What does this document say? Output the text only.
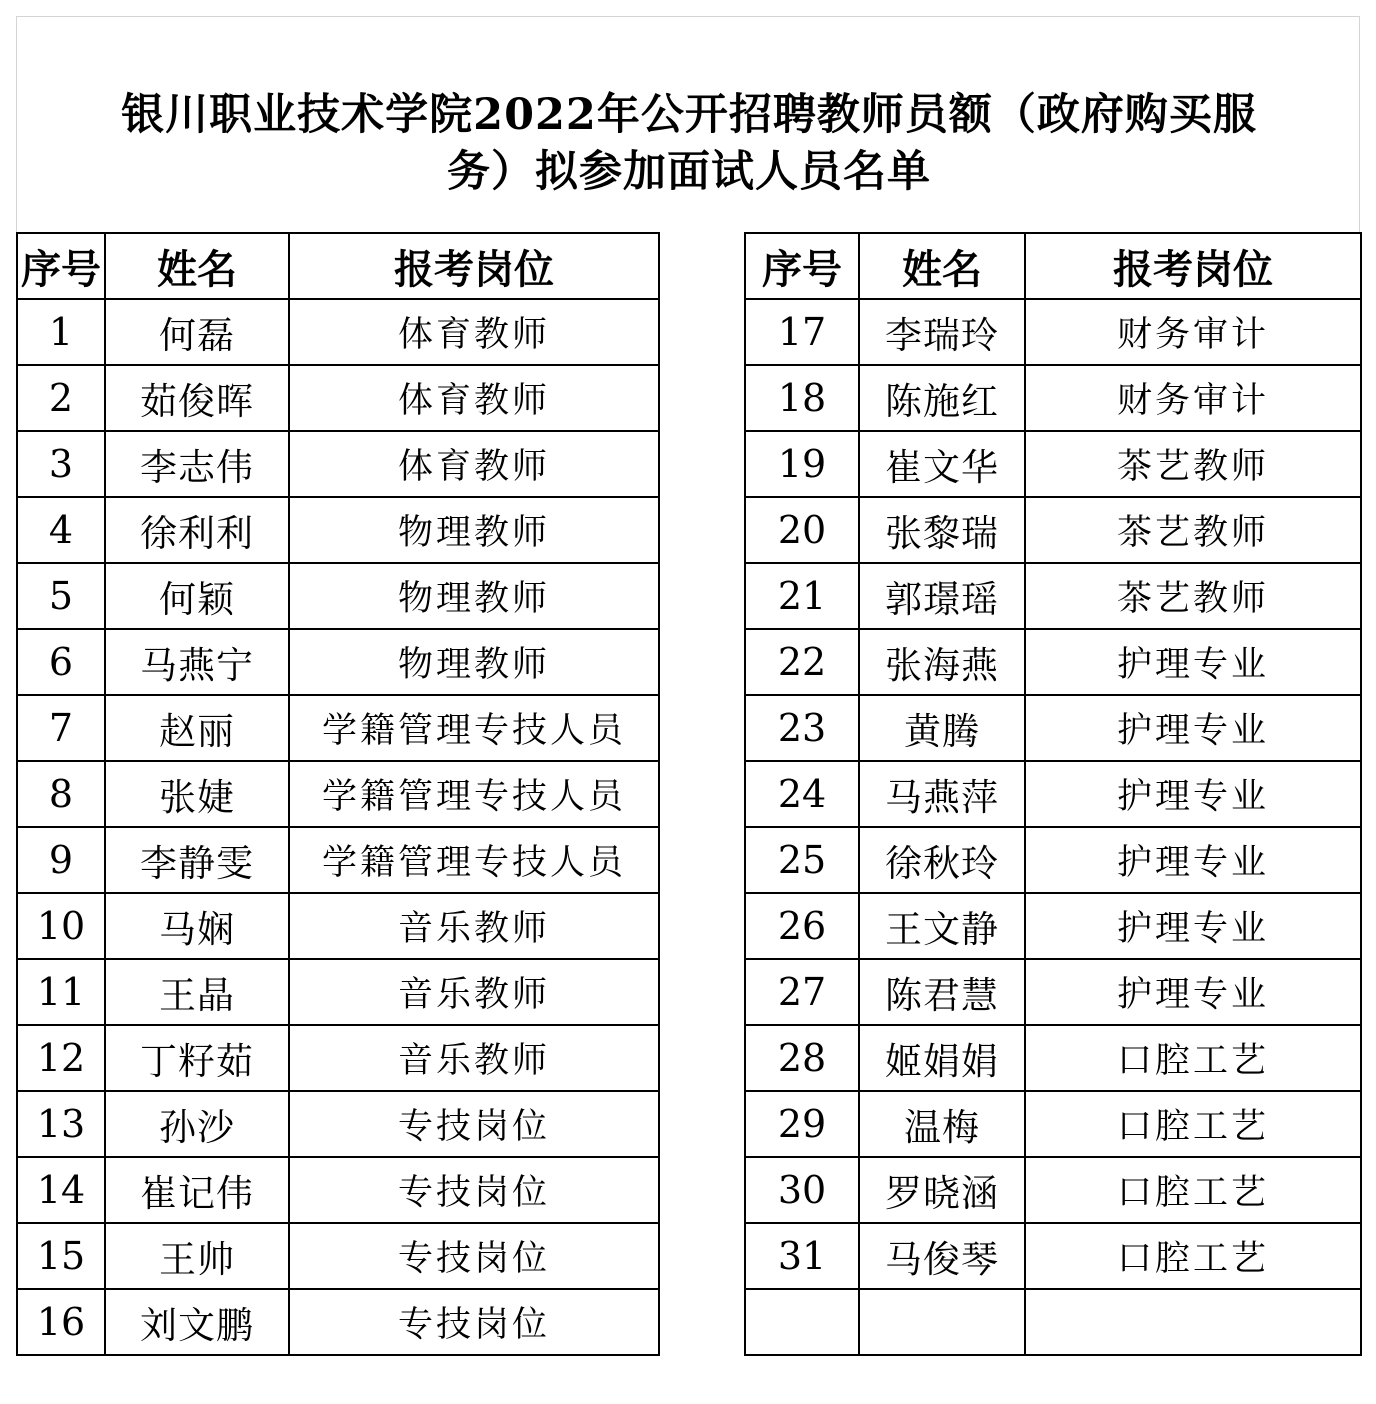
银川职业技术学院2022年公开招聘教师员额（政府购买服
务）拟参加面试人员名单
序号	姓名	报考岗位
1	何磊	体育教师
2	茹俊晖	体育教师
3	李志伟	体育教师
4	徐利利	物理教师
5	何颖	物理教师
6	马燕宁	物理教师
7	赵丽	学籍管理专技人员
8	张婕	学籍管理专技人员
9	李静雯	学籍管理专技人员
10	马娴	音乐教师
11	王晶	音乐教师
12	丁籽茹	音乐教师
13	孙沙	专技岗位
14	崔记伟	专技岗位
15	王帅	专技岗位
16	刘文鹏	专技岗位
序号	姓名	报考岗位
17	李瑞玲	财务审计
18	陈施红	财务审计
19	崔文华	茶艺教师
20	张黎瑞	茶艺教师
21	郭璟瑶	茶艺教师
22	张海燕	护理专业
23	黄腾	护理专业
24	马燕萍	护理专业
25	徐秋玲	护理专业
26	王文静	护理专业
27	陈君慧	护理专业
28	姬娟娟	口腔工艺
29	温梅	口腔工艺
30	罗晓涵	口腔工艺
31	马俊琴	口腔工艺
